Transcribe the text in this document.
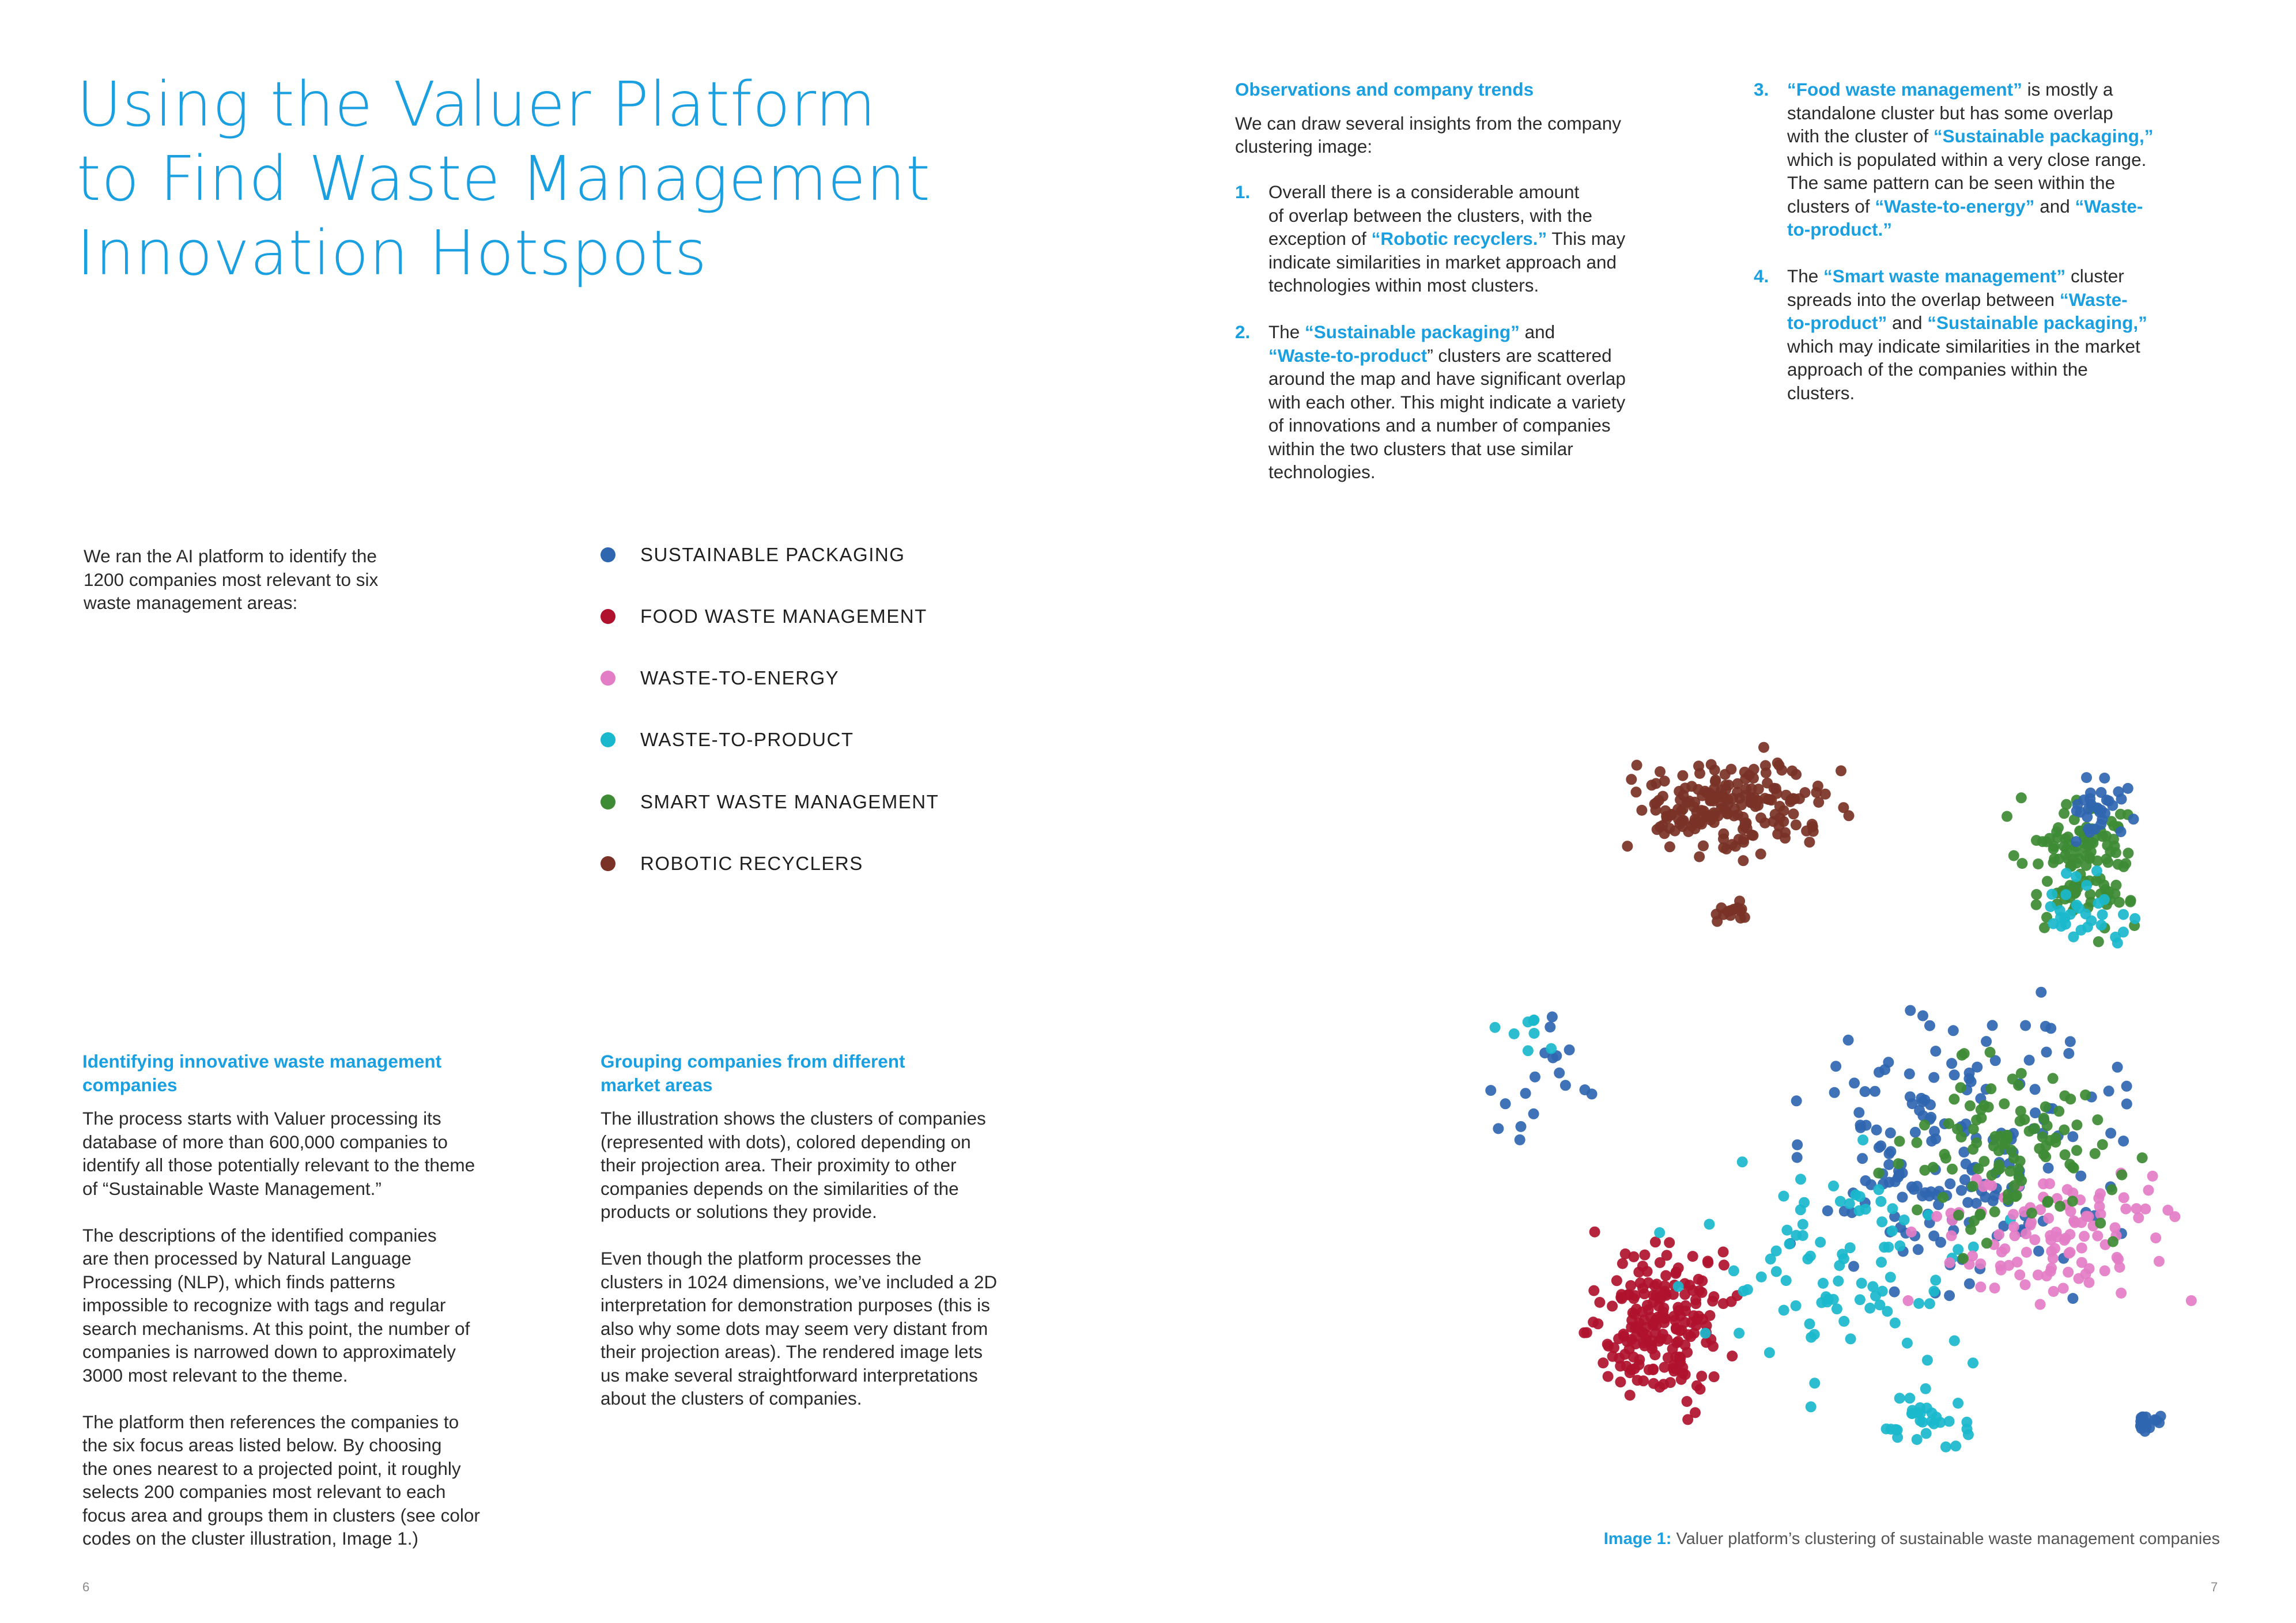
Using the Valuer Platform to Find Waste Management Innovation Hotspots
We ran the AI platform to identify the
1200 companies most relevant to six
waste management areas:
SUSTAINABLE PACKAGING
FOOD WASTE MANAGEMENT
WASTE-TO-ENERGY
WASTE-TO-PRODUCT
SMART WASTE MANAGEMENT
ROBOTIC RECYCLERS
Identifying innovative waste management
companies
The process starts with Valuer processing its
database of more than 600,000 companies to
identify all those potentially relevant to the theme
of “Sustainable Waste Management.”
The descriptions of the identified companies
are then processed by Natural Language
Processing (NLP), which finds patterns
impossible to recognize with tags and regular
search mechanisms. At this point, the number of
companies is narrowed down to approximately
3000 most relevant to the theme.
The platform then references the companies to
the six focus areas listed below. By choosing
the ones nearest to a projected point, it roughly
selects 200 companies most relevant to each
focus area and groups them in clusters (see color
codes on the cluster illustration, Image 1.)
Grouping companies from different
market areas
The illustration shows the clusters of companies
(represented with dots), colored depending on
their projection area. Their proximity to other
companies depends on the similarities of the
products or solutions they provide.
Even though the platform processes the
clusters in 1024 dimensions, we’ve included a 2D
interpretation for demonstration purposes (this is
also why some dots may seem very distant from
their projection areas). The rendered image lets
us make several straightforward interpretations
about the clusters of companies.
Observations and company trends
We can draw several insights from the company
clustering image:
1. Overall there is a considerable amount
of overlap between the clusters, with the
exception of “Robotic recyclers.” This may
indicate similarities in market approach and
technologies within most clusters.
2. The “Sustainable packaging” and
“Waste-to-product” clusters are scattered
around the map and have significant overlap
with each other. This might indicate a variety
of innovations and a number of companies
within the two clusters that use similar
technologies.
3. “Food waste management” is mostly a
standalone cluster but has some overlap
with the cluster of “Sustainable packaging,”
which is populated within a very close range.
The same pattern can be seen within the
clusters of “Waste-to-energy” and “Waste-
to-product.”
4. The “Smart waste management” cluster
spreads into the overlap between “Waste-
to-product” and “Sustainable packaging,”
which may indicate similarities in the market
approach of the companies within the
clusters.
Image 1: Valuer platform’s clustering of sustainable waste management companies
6	7
